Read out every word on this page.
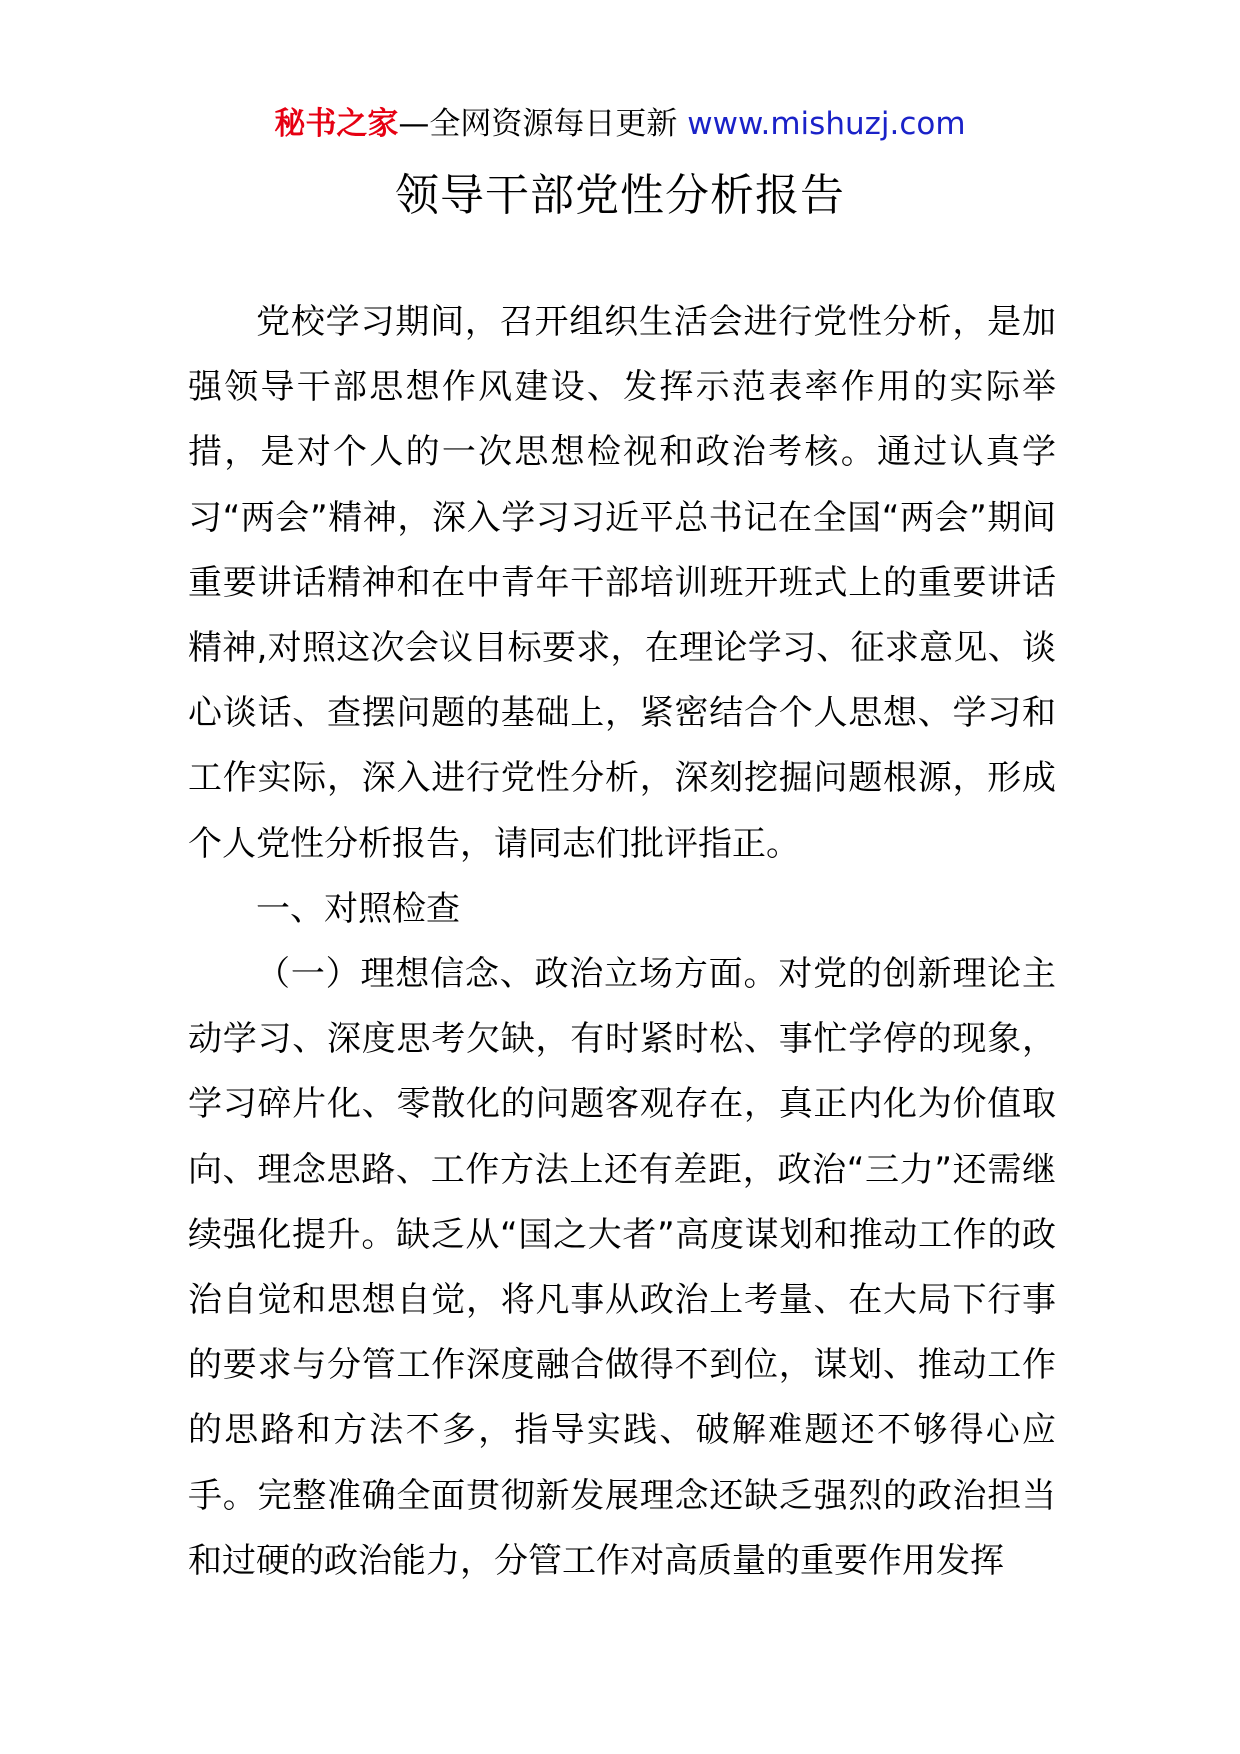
秘书之家—全网资源每日更新 www.mishuzj.com
领导干部党性分析报告

党校学习期间，召开组织生活会进行党性分析，是加强领导干部思想作风建设、发挥示范表率作用的实际举措，是对个人的一次思想检视和政治考核。通过认真学习“两会”精神，深入学习习近平总书记在全国“两会”期间重要讲话精神和在中青年干部培训班开班式上的重要讲话精神,对照这次会议目标要求，在理论学习、征求意见、谈心谈话、查摆问题的基础上，紧密结合个人思想、学习和工作实际，深入进行党性分析，深刻挖掘问题根源，形成个人党性分析报告，请同志们批评指正。

一、对照检查

（一）理想信念、政治立场方面。对党的创新理论主动学习、深度思考欠缺，有时紧时松、事忙学停的现象，学习碎片化、零散化的问题客观存在，真正内化为价值取向、理念思路、工作方法上还有差距，政治“三力”还需继续强化提升。缺乏从“国之大者”高度谋划和推动工作的政治自觉和思想自觉，将凡事从政治上考量、在大局下行事的要求与分管工作深度融合做得不到位，谋划、推动工作的思路和方法不多，指导实践、破解难题还不够得心应手。完整准确全面贯彻新发展理念还缺乏强烈的政治担当和过硬的政治能力，分管工作对高质量的重要作用发挥
